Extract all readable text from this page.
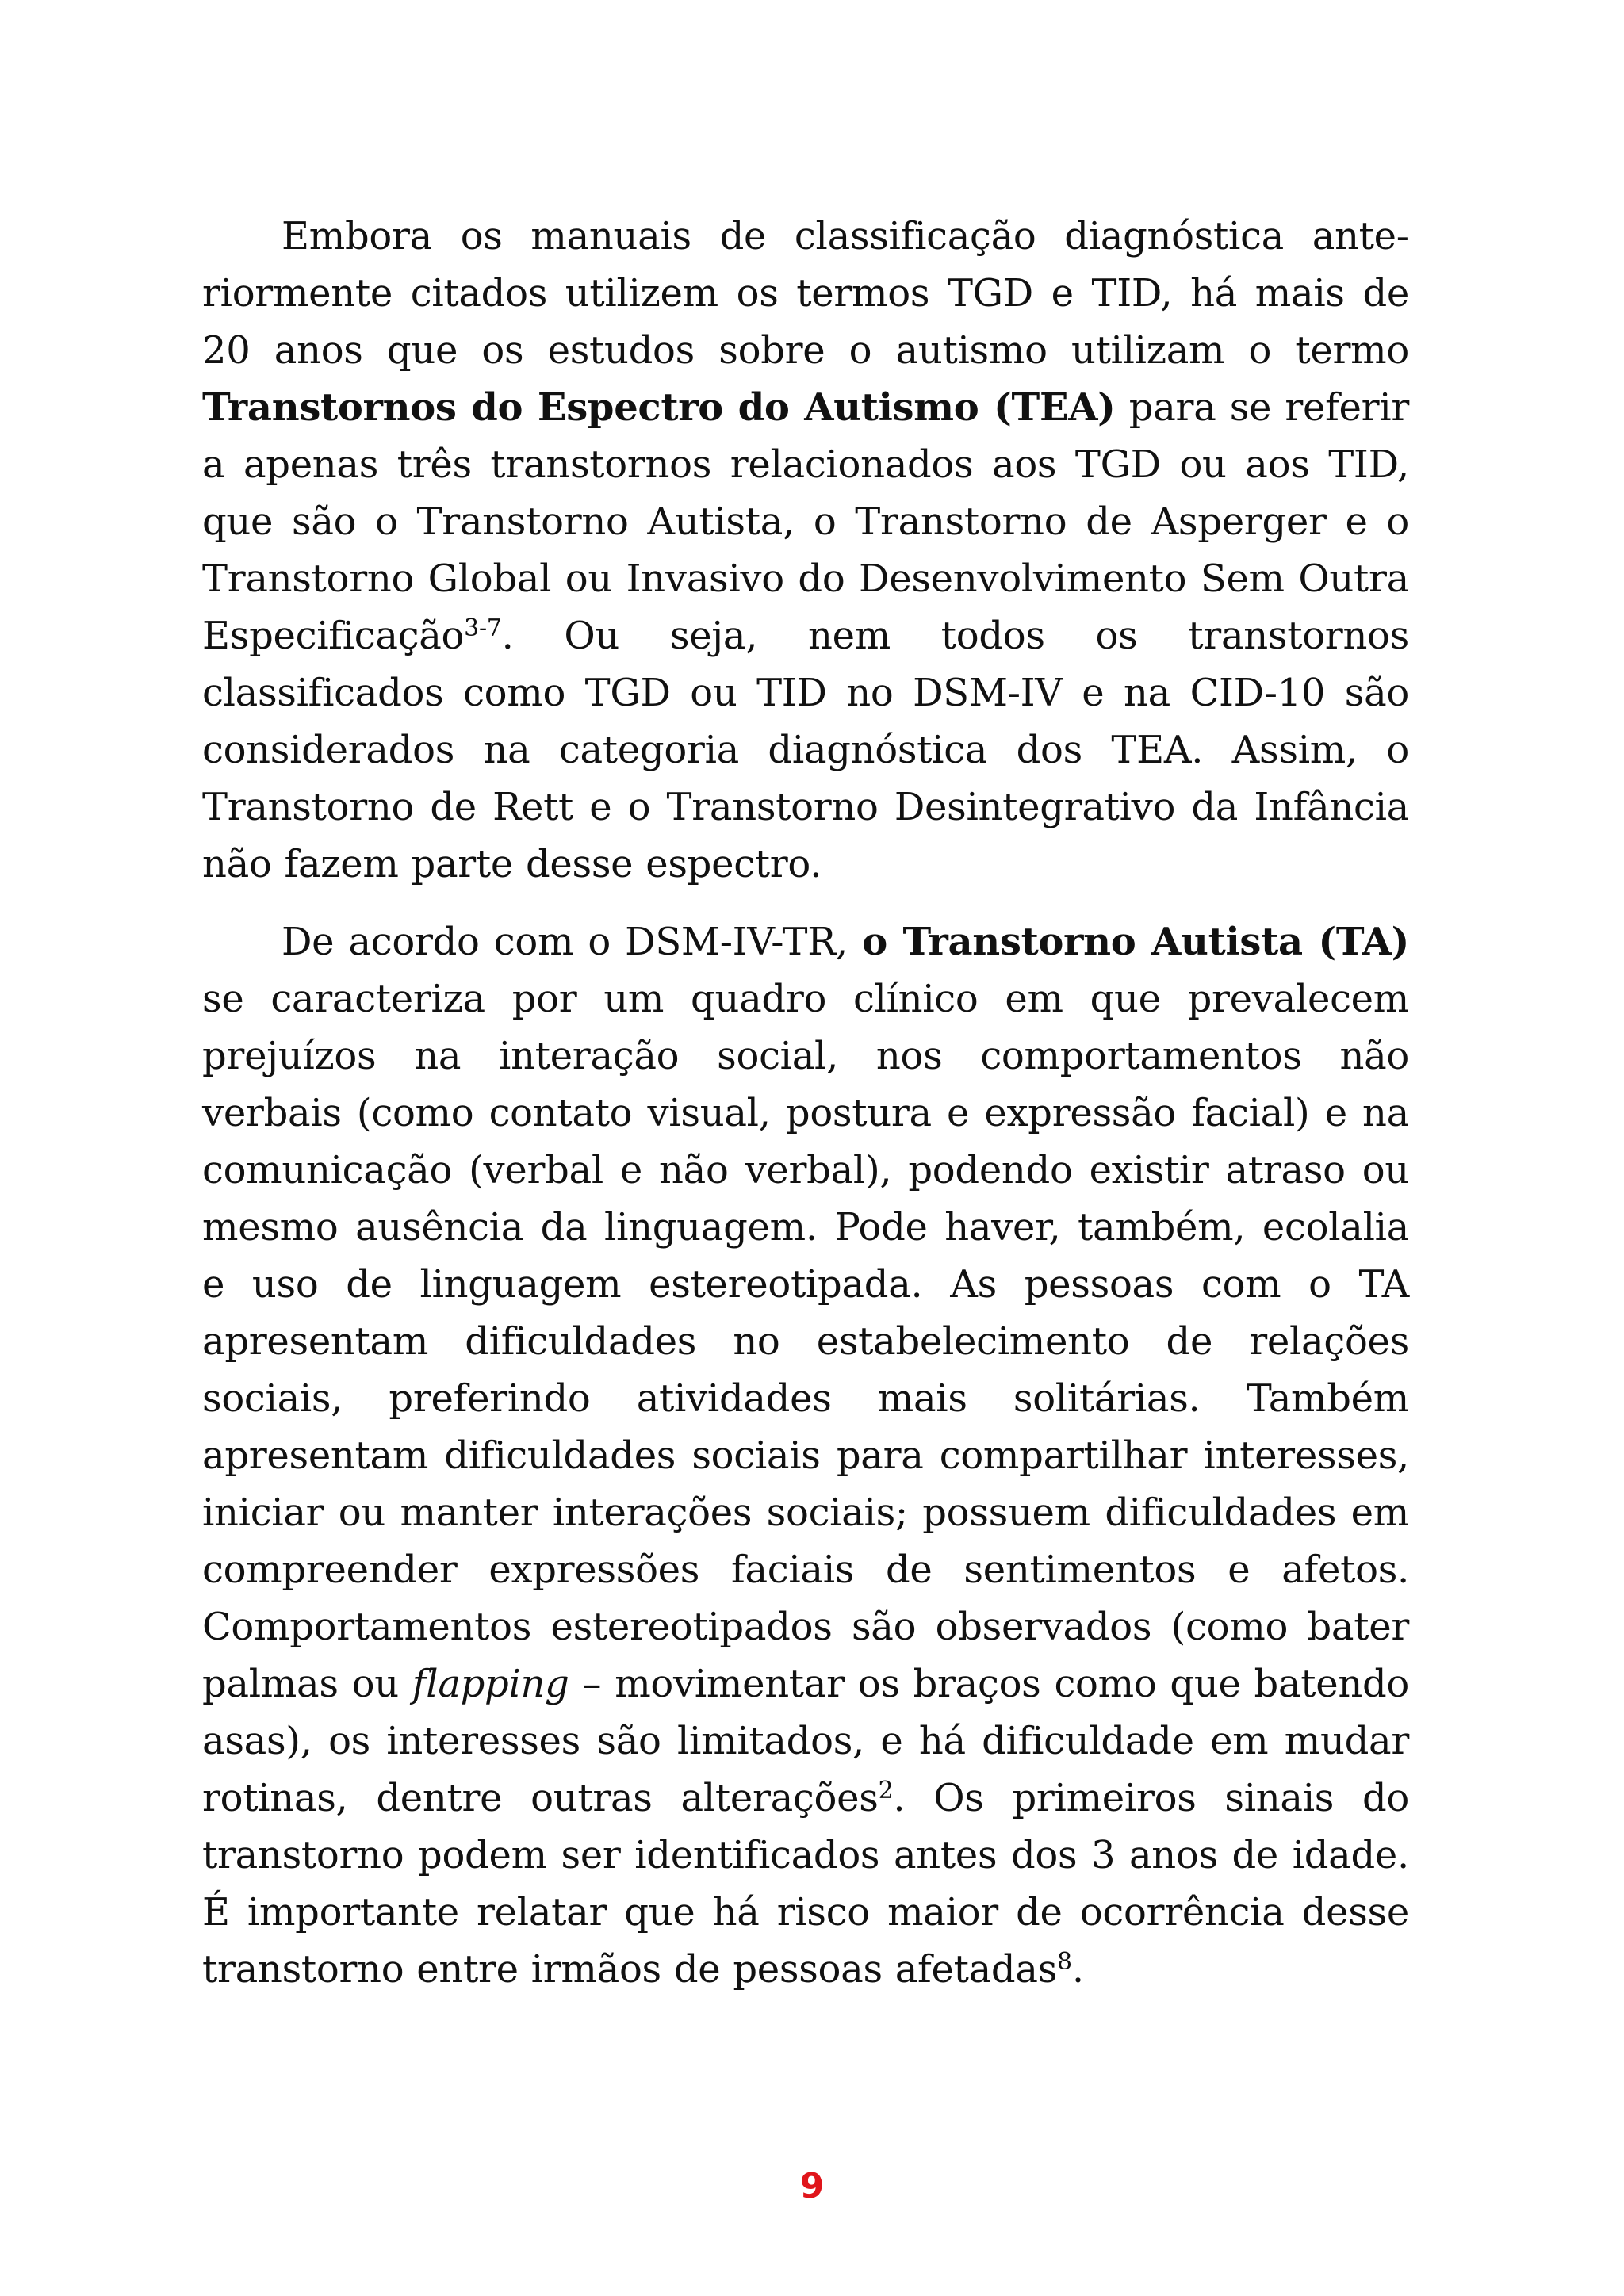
Embora os manuais de classificação diagnóstica anteriormente citados utilizem os termos TGD e TID, há mais de 20 anos que os estudos sobre o autismo utilizam o termo Transtornos do Espectro do Autismo (TEA) para se referir a apenas três transtornos relacionados aos TGD ou aos TID, que são o Transtorno Autista, o Transtorno de Asperger e o Transtorno Global ou Invasivo do Desenvolvimento Sem Outra Especificação$^{3-7}$. Ou seja, nem todos os transtornos classificados como TGD ou TID no DSM-IV e na CID-10 são considerados na categoria diagnóstica dos TEA. Assim, o Transtorno de Rett e o Transtorno Desintegrativo da Infância não fazem parte desse espectro.

De acordo com o DSM-IV-TR, o Transtorno Autista (TA) se caracteriza por um quadro clínico em que prevalecem prejuízos na interação social, nos comportamentos não verbais (como contato visual, postura e expressão facial) e na comunicação (verbal e não verbal), podendo existir atraso ou mesmo ausência da linguagem. Pode haver, também, ecolalia e uso de linguagem estereotipada. As pessoas com o TA apresentam dificuldades no estabelecimento de relações sociais, preferindo atividades mais solitárias. Também apresentam dificuldades sociais para compartilhar interesses, iniciar ou manter interações sociais; possuem dificuldades em compreender expressões faciais de sentimentos e afetos. Comportamentos estereotipados são observados (como bater palmas ou flapping – movimentar os braços como que batendo asas), os interesses são limitados, e há dificuldade em mudar rotinas, dentre outras alterações$^2$. Os primeiros sinais do transtorno podem ser identificados antes dos 3 anos de idade. É importante relatar que há risco maior de ocorrência desse transtorno entre irmãos de pessoas afetadas$^8$.

9
